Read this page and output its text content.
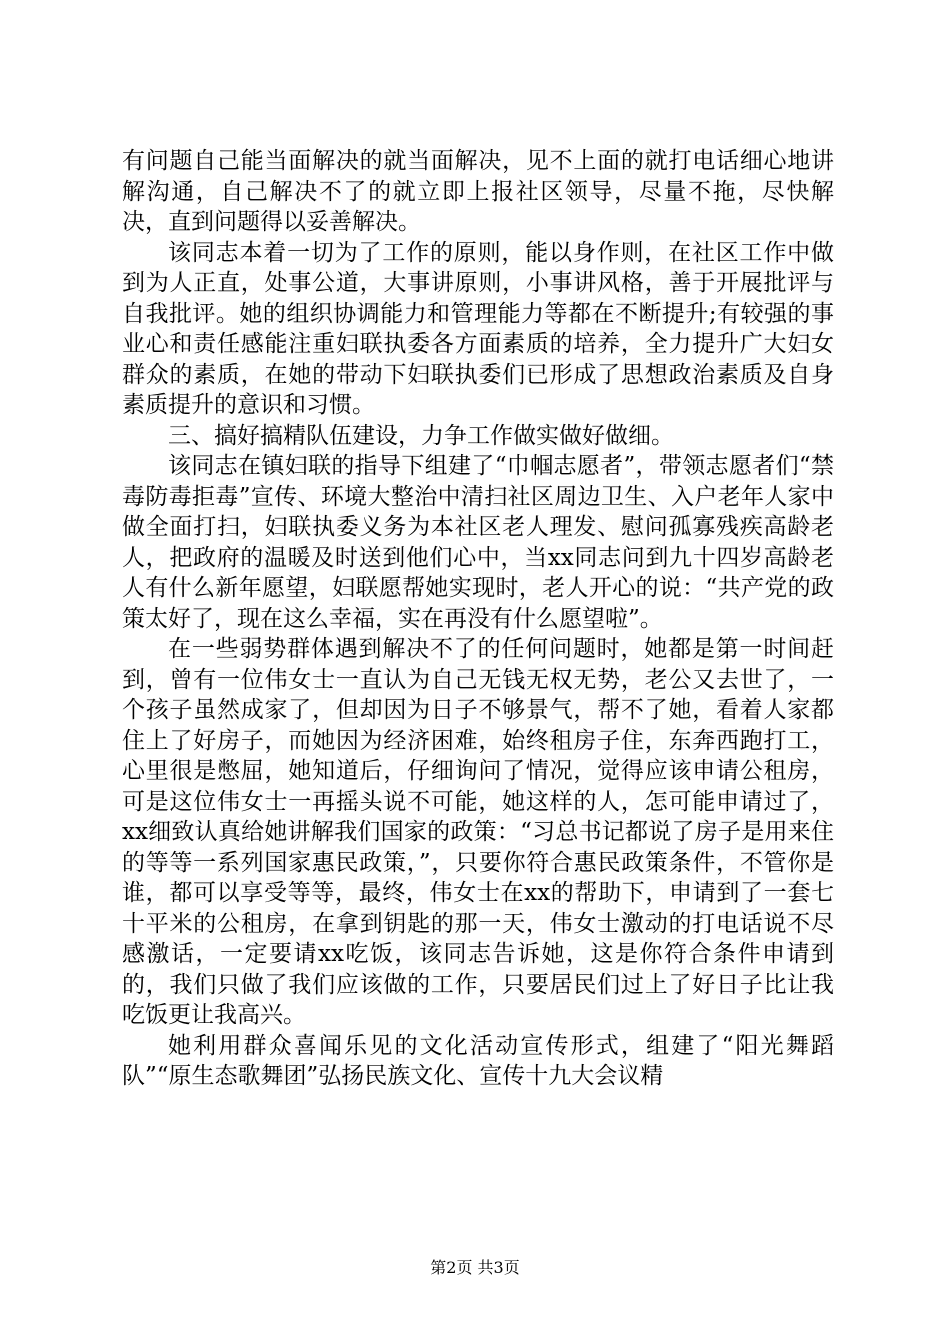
有问题自己能当面解决的就当面解决，见不上面的就打电话细心地讲解沟通，自己解决不了的就立即上报社区领导，尽量不拖，尽快解决，直到问题得以妥善解决。

该同志本着一切为了工作的原则，能以身作则，在社区工作中做到为人正直，处事公道，大事讲原则，小事讲风格，善于开展批评与自我批评。她的组织协调能力和管理能力等都在不断提升;有较强的事业心和责任感能注重妇联执委各方面素质的培养，全力提升广大妇女群众的素质，在她的带动下妇联执委们已形成了思想政治素质及自身素质提升的意识和习惯。

三、搞好搞精队伍建设，力争工作做实做好做细。

该同志在镇妇联的指导下组建了“巾帼志愿者”，带领志愿者们“禁毒防毒拒毒”宣传、环境大整治中清扫社区周边卫生、入户老年人家中做全面打扫，妇联执委义务为本社区老人理发、慰问孤寡残疾高龄老人，把政府的温暖及时送到他们心中，当xx同志问到九十四岁高龄老人有什么新年愿望，妇联愿帮她实现时，老人开心的说：“共产党的政策太好了，现在这么幸福，实在再没有什么愿望啦”。

在一些弱势群体遇到解决不了的任何问题时，她都是第一时间赶到，曾有一位伟女士一直认为自己无钱无权无势，老公又去世了，一个孩子虽然成家了，但却因为日子不够景气，帮不了她，看着人家都住上了好房子，而她因为经济困难，始终租房子住，东奔西跑打工，心里很是憋屈，她知道后，仔细询问了情况，觉得应该申请公租房，可是这位伟女士一再摇头说不可能，她这样的人，怎可能申请过了，xx细致认真给她讲解我们国家的政策：“习总书记都说了房子是用来住的等等一系列国家惠民政策，”，只要你符合惠民政策条件，不管你是谁，都可以享受等等，最终，伟女士在xx的帮助下，申请到了一套七十平米的公租房，在拿到钥匙的那一天，伟女士激动的打电话说不尽感激话，一定要请xx吃饭，该同志告诉她，这是你符合条件申请到的，我们只做了我们应该做的工作，只要居民们过上了好日子比让我吃饭更让我高兴。

她利用群众喜闻乐见的文化活动宣传形式，组建了“阳光舞蹈队”“原生态歌舞团”弘扬民族文化、宣传十九大会议精

第2页 共3页
